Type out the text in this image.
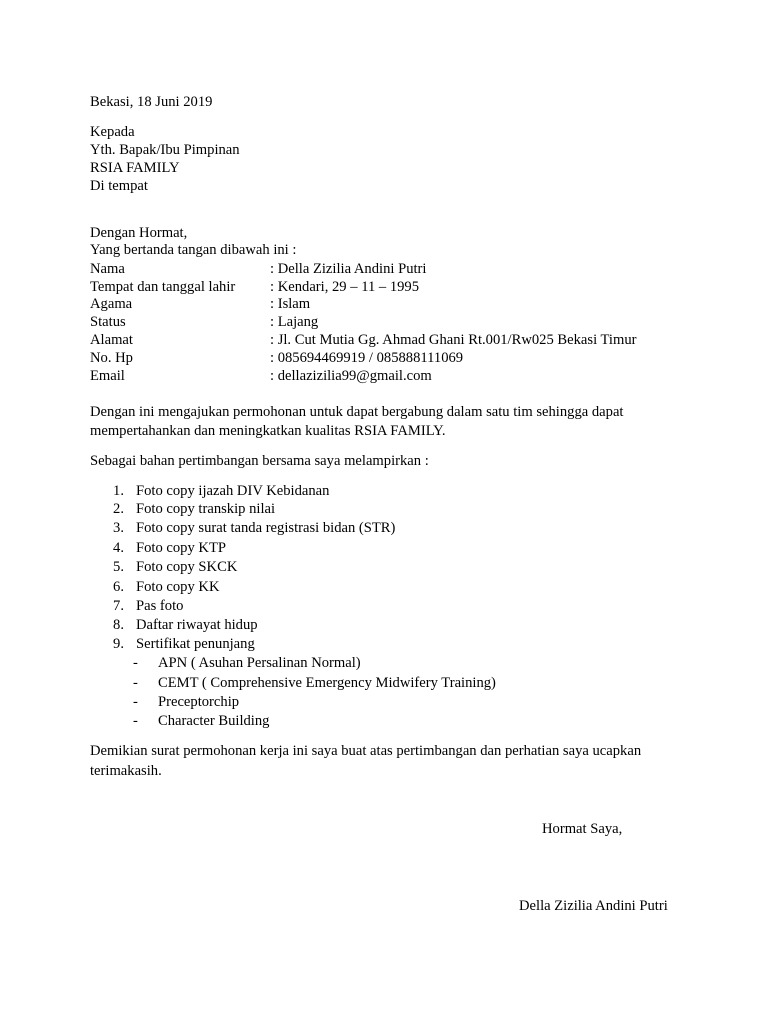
Bekasi, 18 Juni 2019
Kepada
Yth. Bapak/Ibu Pimpinan
RSIA FAMILY
Di tempat
Dengan Hormat,
Yang bertanda tangan dibawah ini :
Nama	: Della Zizilia Andini Putri
Tempat dan tanggal lahir : Kendari, 29 – 11 – 1995
Agama	: Islam
Status	: Lajang
Alamat	: Jl. Cut Mutia Gg. Ahmad Ghani Rt.001/Rw025 Bekasi Timur
No. Hp	: 085694469919 / 085888111069
Email	: dellazizilia99@gmail.com
Dengan ini mengajukan permohonan untuk dapat bergabung dalam satu tim sehingga dapat
mempertahankan dan meningkatkan kualitas RSIA FAMILY.
Sebagai bahan pertimbangan bersama saya melampirkan :
1. Foto copy ijazah DIV Kebidanan
2. Foto copy transkip nilai
3. Foto copy surat tanda registrasi bidan (STR)
4. Foto copy KTP
5. Foto copy SKCK
6. Foto copy KK
7. Pas foto
8. Daftar riwayat hidup
9. Sertifikat penunjang
- APN ( Asuhan Persalinan Normal)
- CEMT ( Comprehensive Emergency Midwifery Training)
- Preceptorchip
- Character Building
Demikian surat permohonan kerja ini saya buat atas pertimbangan dan perhatian saya ucapkan
terimakasih.
Hormat Saya,
Della Zizilia Andini Putri
